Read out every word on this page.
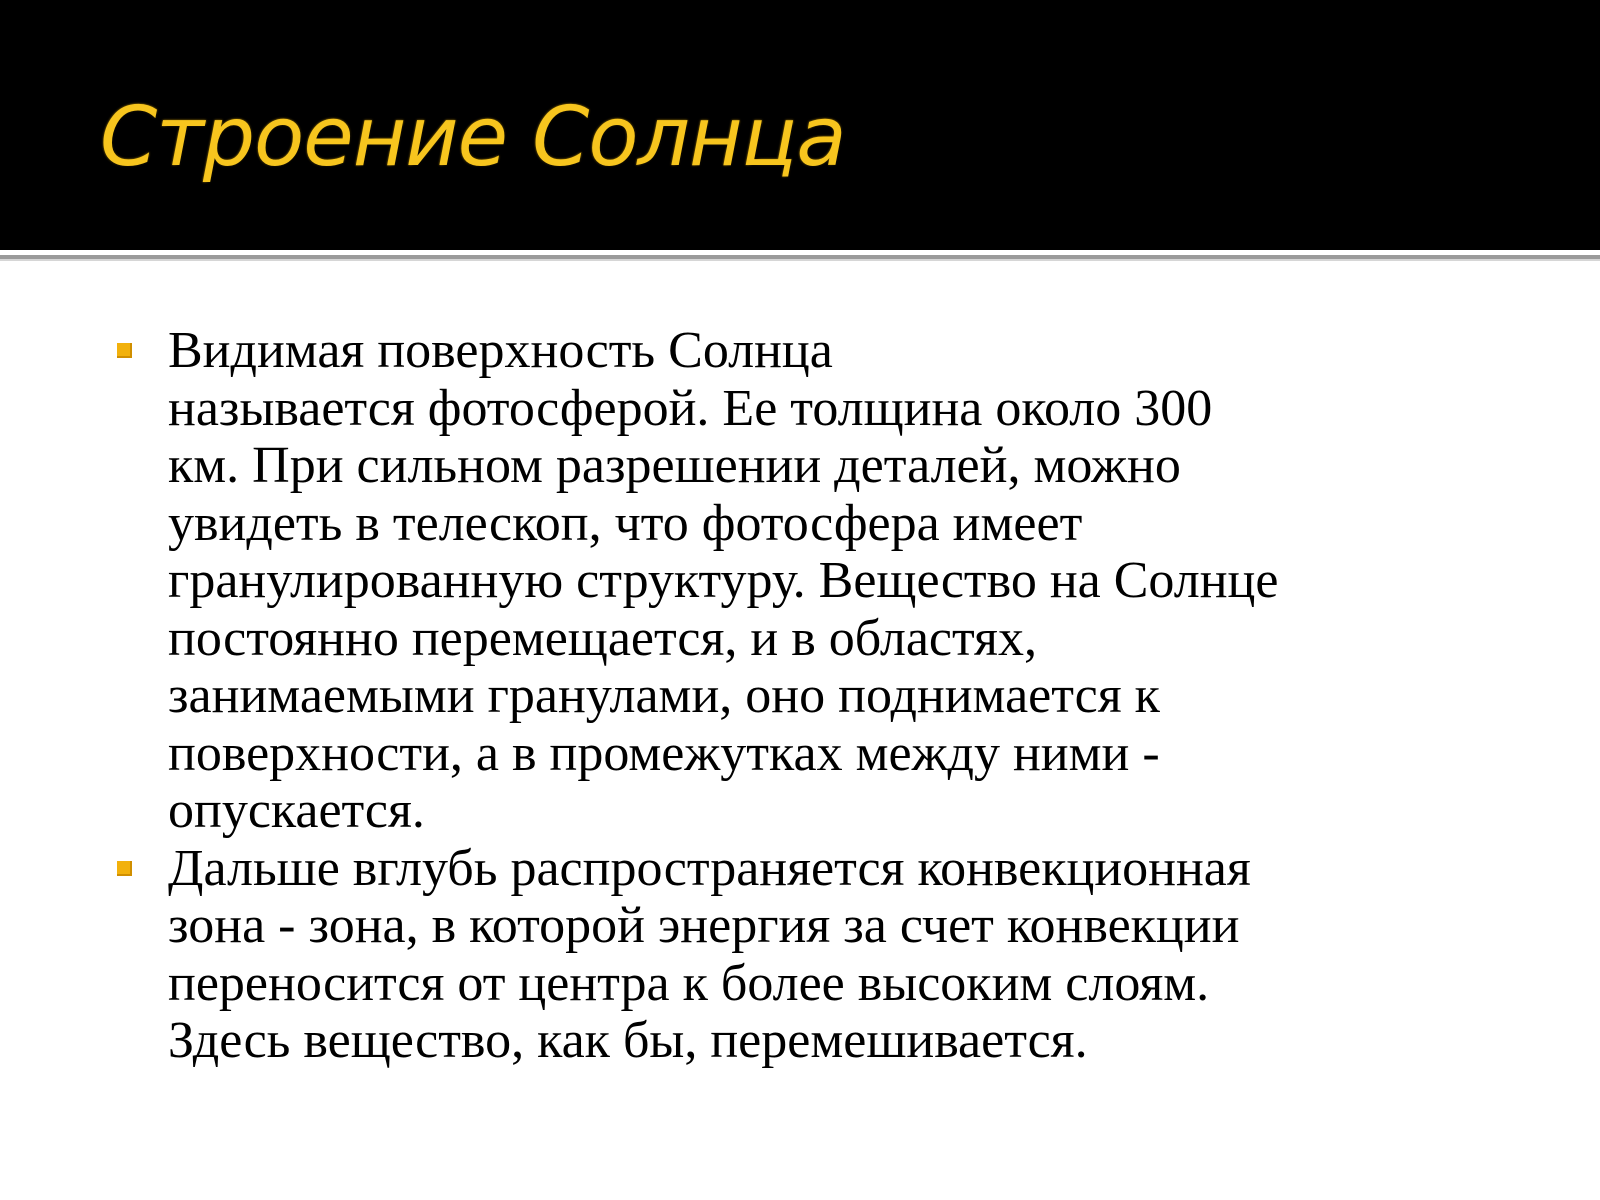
Строение Солнца
Видимая поверхность Солнца
называется фотосферой. Ее толщина около 300
км. При сильном разрешении деталей, можно
увидеть в телескоп, что фотосфера имеет
гранулированную структуру. Вещество на Солнце
постоянно перемещается, и в областях,
занимаемыми гранулами, оно поднимается к
поверхности, а в промежутках между ними -
опускается.
Дальше вглубь распространяется конвекционная
зона - зона, в которой энергия за счет конвекции
переносится от центра к более высоким слоям.
Здесь вещество, как бы, перемешивается.
